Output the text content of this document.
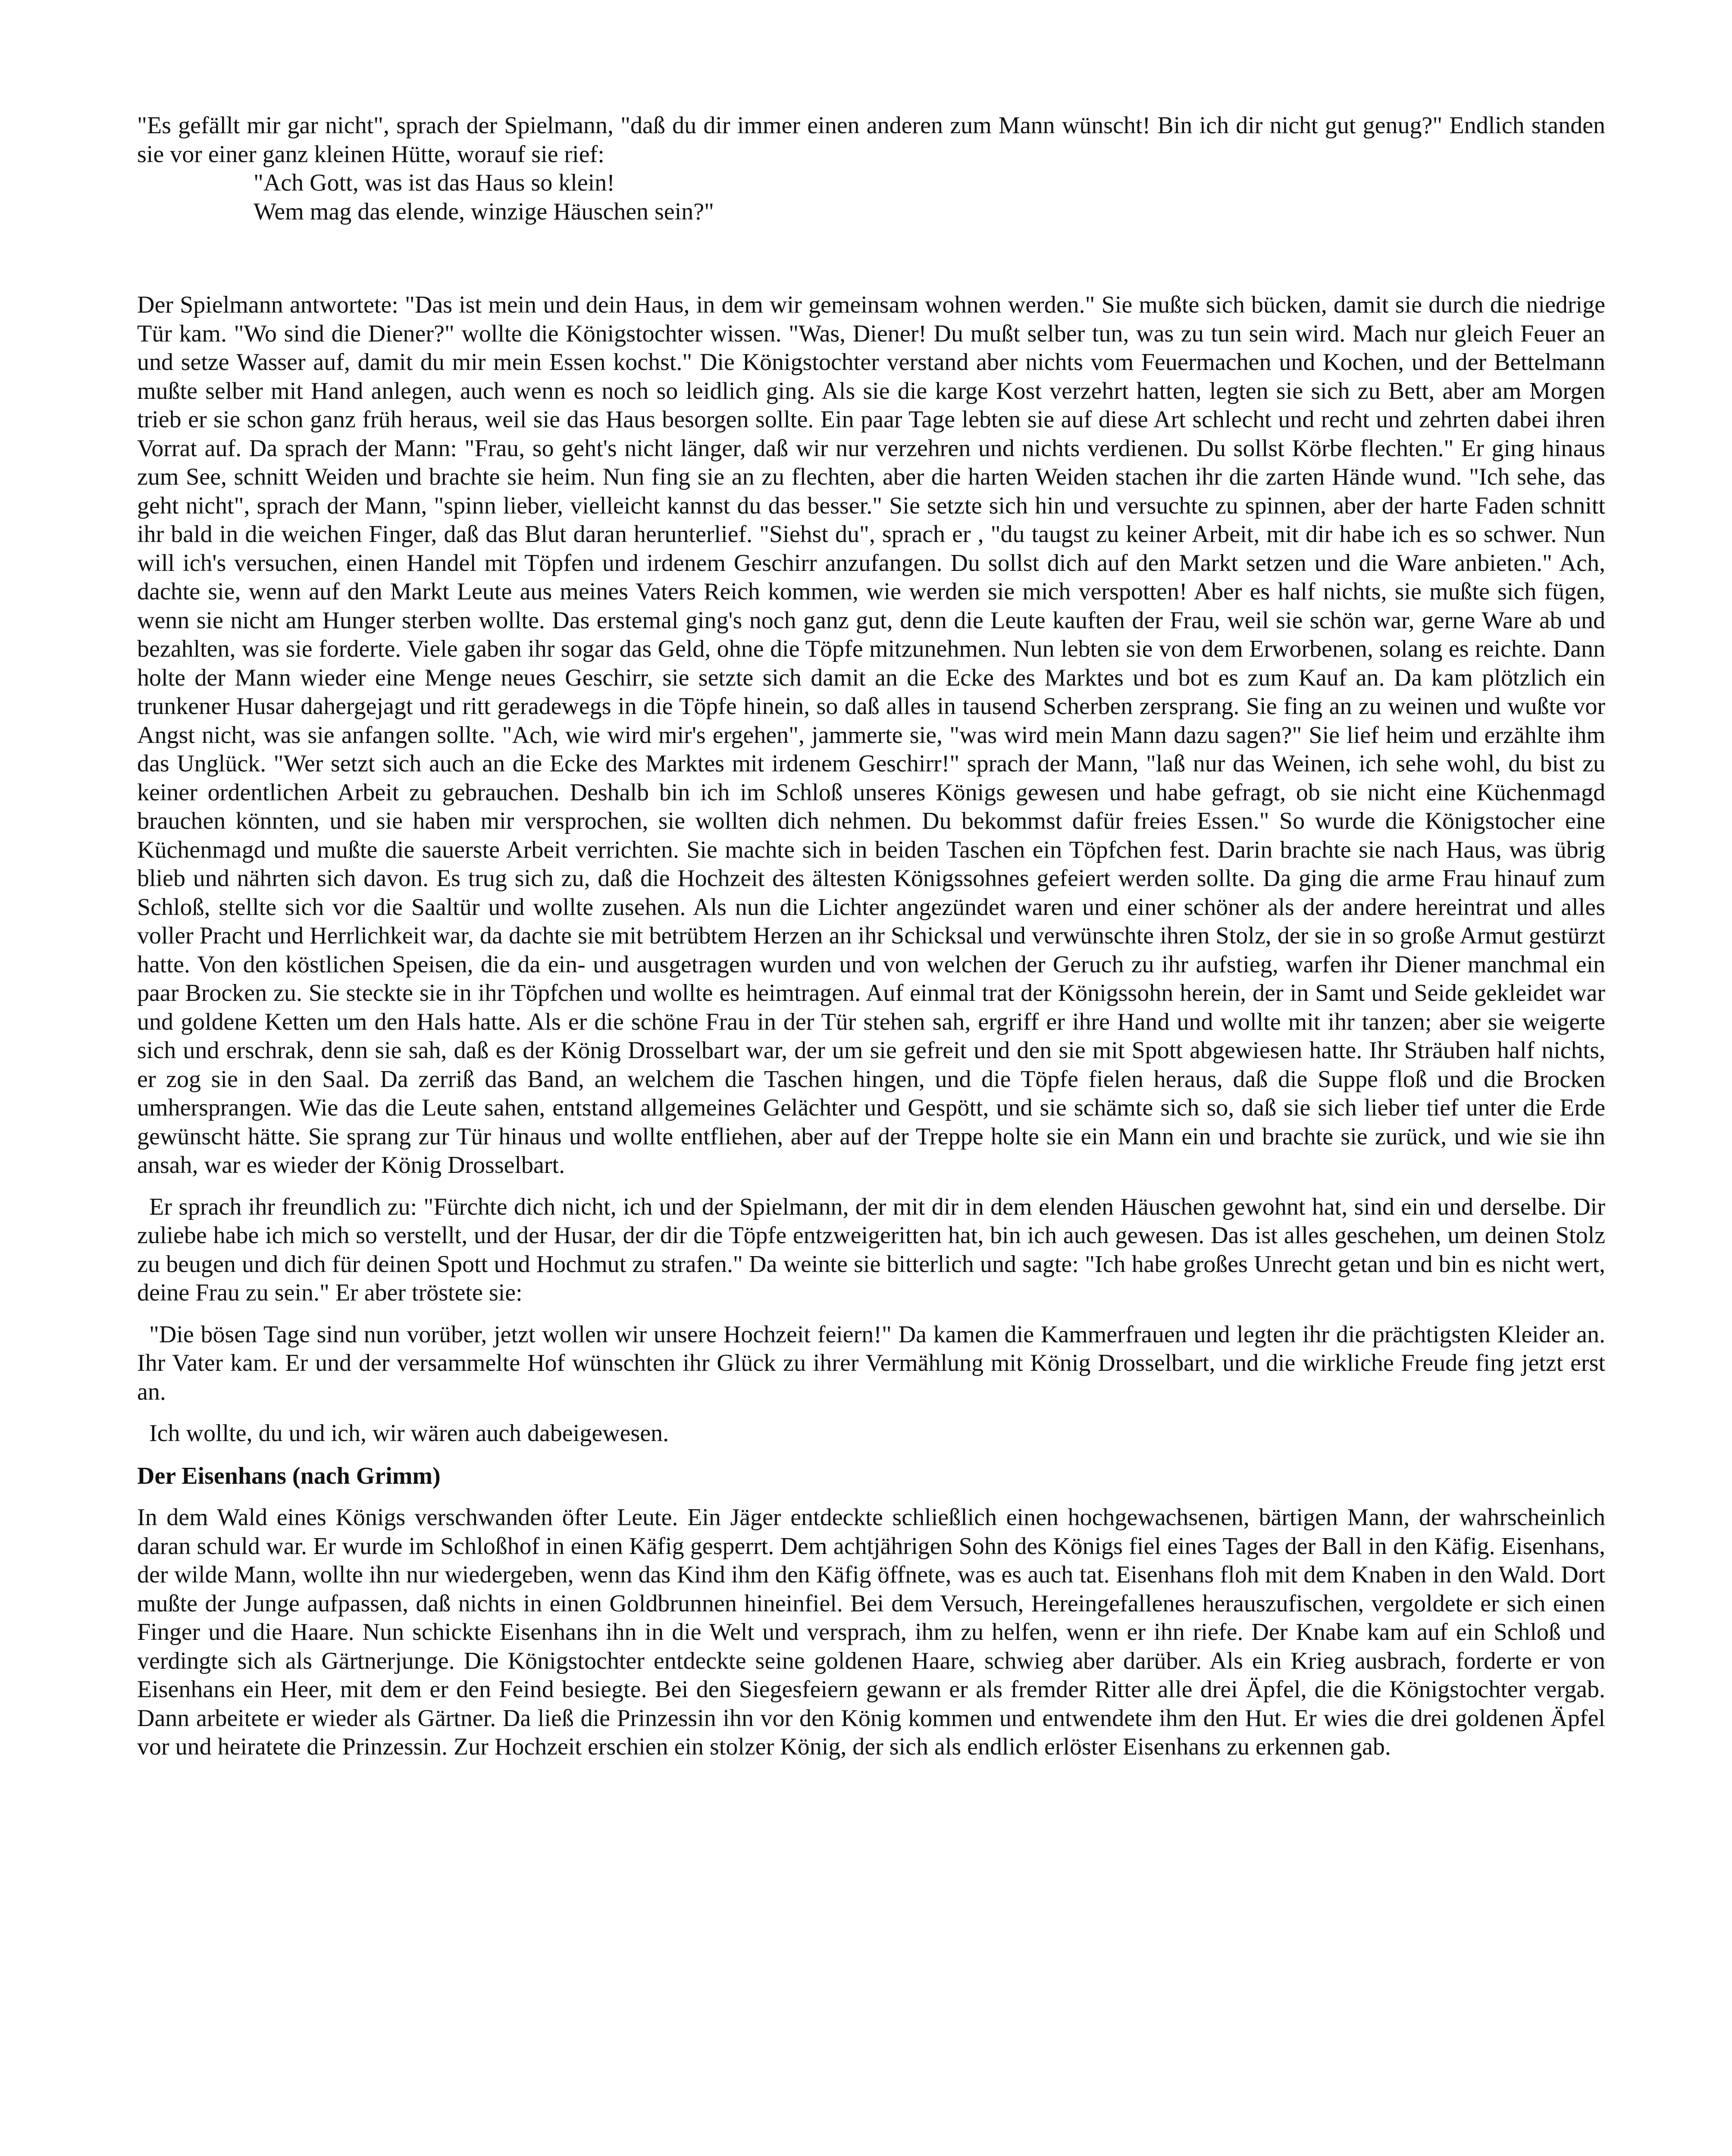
"Es gefällt mir gar nicht", sprach der Spielmann, "daß du dir immer einen anderen zum Mann wünscht! Bin ich dir nicht gut genug?" Endlich standen sie vor einer ganz kleinen Hütte, worauf sie rief:

"Ach Gott, was ist das Haus so klein!

Wem mag das elende, winzige Häuschen sein?"

Der Spielmann antwortete: "Das ist mein und dein Haus, in dem wir gemeinsam wohnen werden." Sie mußte sich bücken, damit sie durch die niedrige Tür kam. "Wo sind die Diener?" wollte die Königstochter wissen. "Was, Diener! Du mußt selber tun, was zu tun sein wird. Mach nur gleich Feuer an und setze Wasser auf, damit du mir mein Essen kochst." Die Königstochter verstand aber nichts vom Feuermachen und Kochen, und der Bettelmann mußte selber mit Hand anlegen, auch wenn es noch so leidlich ging. Als sie die karge Kost verzehrt hatten, legten sie sich zu Bett, aber am Morgen trieb er sie schon ganz früh heraus, weil sie das Haus besorgen sollte. Ein paar Tage lebten sie auf diese Art schlecht und recht und zehrten dabei ihren Vorrat auf. Da sprach der Mann: "Frau, so geht's nicht länger, daß wir nur verzehren und nichts verdienen. Du sollst Körbe flechten." Er ging hinaus zum See, schnitt Weiden und brachte sie heim. Nun fing sie an zu flechten, aber die harten Weiden stachen ihr die zarten Hände wund. "Ich sehe, das geht nicht", sprach der Mann, "spinn lieber, vielleicht kannst du das besser." Sie setzte sich hin und versuchte zu spinnen, aber der harte Faden schnitt ihr bald in die weichen Finger, daß das Blut daran herunterlief. "Siehst du", sprach er , "du taugst zu keiner Arbeit, mit dir habe ich es so schwer. Nun will ich's versuchen, einen Handel mit Töpfen und irdenem Geschirr anzufangen. Du sollst dich auf den Markt setzen und die Ware anbieten." Ach, dachte sie, wenn auf den Markt Leute aus meines Vaters Reich kommen, wie werden sie mich verspotten! Aber es half nichts, sie mußte sich fügen, wenn sie nicht am Hunger sterben wollte. Das erstemal ging's noch ganz gut, denn die Leute kauften der Frau, weil sie schön war, gerne Ware ab und bezahlten, was sie forderte. Viele gaben ihr sogar das Geld, ohne die Töpfe mitzunehmen. Nun lebten sie von dem Erworbenen, solang es reichte. Dann holte der Mann wieder eine Menge neues Geschirr, sie setzte sich damit an die Ecke des Marktes und bot es zum Kauf an. Da kam plötzlich ein trunkener Husar dahergejagt und ritt geradewegs in die Töpfe hinein, so daß alles in tausend Scherben zersprang. Sie fing an zu weinen und wußte vor Angst nicht, was sie anfangen sollte. "Ach, wie wird mir's ergehen", jammerte sie, "was wird mein Mann dazu sagen?" Sie lief heim und erzählte ihm das Unglück. "Wer setzt sich auch an die Ecke des Marktes mit irdenem Geschirr!" sprach der Mann, "laß nur das Weinen, ich sehe wohl, du bist zu keiner ordentlichen Arbeit zu gebrauchen. Deshalb bin ich im Schloß unseres Königs gewesen und habe gefragt, ob sie nicht eine Küchenmagd brauchen könnten, und sie haben mir versprochen, sie wollten dich nehmen. Du bekommst dafür freies Essen." So wurde die Königstocher eine Küchenmagd und mußte die sauerste Arbeit verrichten. Sie machte sich in beiden Taschen ein Töpfchen fest. Darin brachte sie nach Haus, was übrig blieb und nährten sich davon. Es trug sich zu, daß die Hochzeit des ältesten Königssohnes gefeiert werden sollte. Da ging die arme Frau hinauf zum Schloß, stellte sich vor die Saaltür und wollte zusehen. Als nun die Lichter angezündet waren und einer schöner als der andere hereintrat und alles voller Pracht und Herrlichkeit war, da dachte sie mit betrübtem Herzen an ihr Schicksal und verwünschte ihren Stolz, der sie in so große Armut gestürzt hatte. Von den köstlichen Speisen, die da ein- und ausgetragen wurden und von welchen der Geruch zu ihr aufstieg, warfen ihr Diener manchmal ein paar Brocken zu. Sie steckte sie in ihr Töpfchen und wollte es heimtragen. Auf einmal trat der Königssohn herein, der in Samt und Seide gekleidet war und goldene Ketten um den Hals hatte. Als er die schöne Frau in der Tür stehen sah, ergriff er ihre Hand und wollte mit ihr tanzen; aber sie weigerte sich und erschrak, denn sie sah, daß es der König Drosselbart war, der um sie gefreit und den sie mit Spott abgewiesen hatte. Ihr Sträuben half nichts, er zog sie in den Saal. Da zerriß das Band, an welchem die Taschen hingen, und die Töpfe fielen heraus, daß die Suppe floß und die Brocken umhersprangen. Wie das die Leute sahen, entstand allgemeines Gelächter und Gespött, und sie schämte sich so, daß sie sich lieber tief unter die Erde gewünscht hätte. Sie sprang zur Tür hinaus und wollte entfliehen, aber auf der Treppe holte sie ein Mann ein und brachte sie zurück, und wie sie ihn ansah, war es wieder der König Drosselbart.

Er sprach ihr freundlich zu: "Fürchte dich nicht, ich und der Spielmann, der mit dir in dem elenden Häuschen gewohnt hat, sind ein und derselbe. Dir zuliebe habe ich mich so verstellt, und der Husar, der dir die Töpfe entzweigeritten hat, bin ich auch gewesen. Das ist alles geschehen, um deinen Stolz zu beugen und dich für deinen Spott und Hochmut zu strafen." Da weinte sie bitterlich und sagte: "Ich habe großes Unrecht getan und bin es nicht wert, deine Frau zu sein." Er aber tröstete sie:

"Die bösen Tage sind nun vorüber, jetzt wollen wir unsere Hochzeit feiern!" Da kamen die Kammerfrauen und legten ihr die prächtigsten Kleider an. Ihr Vater kam. Er und der versammelte Hof wünschten ihr Glück zu ihrer Vermählung mit König Drosselbart, und die wirkliche Freude fing jetzt erst an.

Ich wollte, du und ich, wir wären auch dabeigewesen.

Der Eisenhans (nach Grimm)

In dem Wald eines Königs verschwanden öfter Leute. Ein Jäger entdeckte schließlich einen hochgewachsenen, bärtigen Mann, der wahrscheinlich daran schuld war. Er wurde im Schloßhof in einen Käfig gesperrt. Dem achtjährigen Sohn des Königs fiel eines Tages der Ball in den Käfig. Eisenhans, der wilde Mann, wollte ihn nur wiedergeben, wenn das Kind ihm den Käfig öffnete, was es auch tat. Eisenhans floh mit dem Knaben in den Wald. Dort mußte der Junge aufpassen, daß nichts in einen Goldbrunnen hineinfiel. Bei dem Versuch, Hereingefallenes herauszufischen, vergoldete er sich einen Finger und die Haare. Nun schickte Eisenhans ihn in die Welt und versprach, ihm zu helfen, wenn er ihn riefe. Der Knabe kam auf ein Schloß und verdingte sich als Gärtnerjunge. Die Königstochter entdeckte seine goldenen Haare, schwieg aber darüber. Als ein Krieg ausbrach, forderte er von Eisenhans ein Heer, mit dem er den Feind besiegte. Bei den Siegesfeiern gewann er als fremder Ritter alle drei Äpfel, die die Königstochter vergab. Dann arbeitete er wieder als Gärtner. Da ließ die Prinzessin ihn vor den König kommen und entwendete ihm den Hut. Er wies die drei goldenen Äpfel vor und heiratete die Prinzessin. Zur Hochzeit erschien ein stolzer König, der sich als endlich erlöster Eisenhans zu erkennen gab.
